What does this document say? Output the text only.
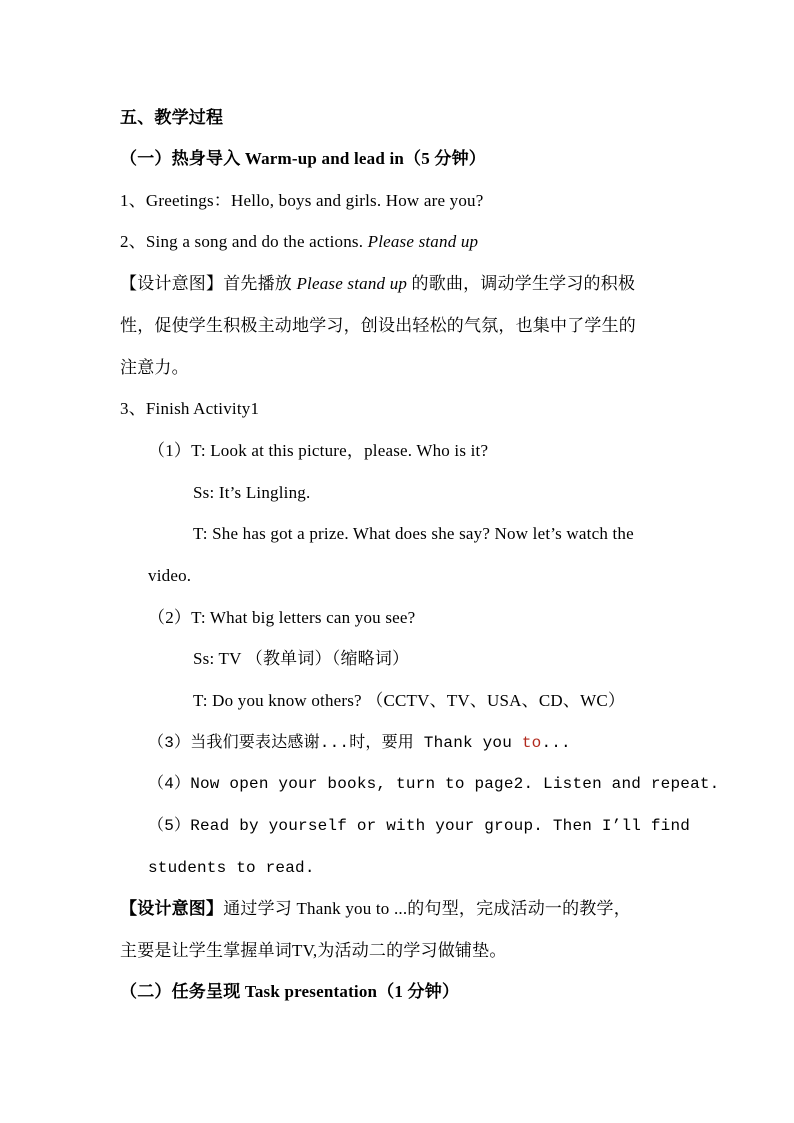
五、教学过程
（一）热身导入 Warm-up and lead in（5 分钟）
1、Greetings：Hello, boys and girls. How are you?
2、Sing a song and do the actions. Please stand up
【设计意图】首先播放 Please stand up 的歌曲，调动学生学习的积极
性，促使学生积极主动地学习，创设出轻松的气氛，也集中了学生的
注意力。
3、Finish Activity1
（1）T: Look at this picture，please. Who is it?
Ss: It’s Lingling.
T: She has got a prize. What does she say? Now let’s watch the
video.
（2）T: What big letters can you see?
Ss: TV （教单词）（缩略词）
T: Do you know others? （CCTV、TV、USA、CD、WC）
（3）当我们要表达感谢...时，要用 Thank you to...
（4）Now open your books, turn to page2. Listen and repeat.
（5）Read by yourself or with your group. Then I’ll find
students to read.
【设计意图】通过学习 Thank you to ...的句型，完成活动一的教学，
主要是让学生掌握单词TV,为活动二的学习做铺垫。
（二）任务呈现 Task presentation（1 分钟）
